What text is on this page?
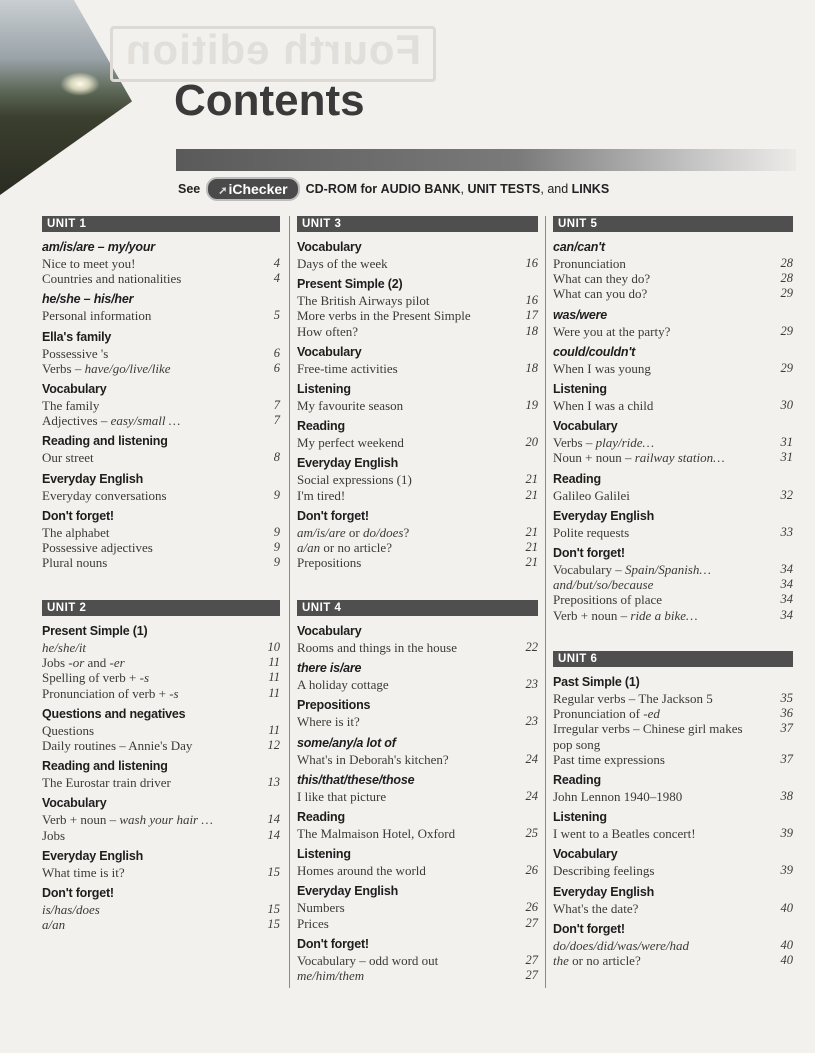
Fourth edition
Contents
See	➚iChecker	CD-ROM for AUDIO BANK, UNIT TESTS, and LINKS
UNIT 1
am/is/are – my/your
Nice to meet you!	4
Countries and nationalities	4
he/she – his/her
Personal information	5
Ella's family
Possessive 's	6
Verbs – have/go/live/like	6
Vocabulary
The family	7
Adjectives – easy/small …	7
Reading and listening
Our street	8
Everyday English
Everyday conversations	9
Don't forget!
The alphabet	9
Possessive adjectives	9
Plural nouns	9
UNIT 2
Present Simple (1)
he/she/it	10
Jobs -or and -er	11
Spelling of verb + -s	11
Pronunciation of verb + -s	11
Questions and negatives
Questions	11
Daily routines – Annie's Day	12
Reading and listening
The Eurostar train driver	13
Vocabulary
Verb + noun – wash your hair …	14
Jobs	14
Everyday English
What time is it?	15
Don't forget!
is/has/does	15
a/an	15
UNIT 3
Vocabulary
Days of the week	16
Present Simple (2)
The British Airways pilot	16
More verbs in the Present Simple	17
How often?	18
Vocabulary
Free-time activities	18
Listening
My favourite season	19
Reading
My perfect weekend	20
Everyday English
Social expressions (1)	21
I'm tired!	21
Don't forget!
am/is/are or do/does?	21
a/an or no article?	21
Prepositions	21
UNIT 4
Vocabulary
Rooms and things in the house	22
there is/are
A holiday cottage	23
Prepositions
Where is it?	23
some/any/a lot of
What's in Deborah's kitchen?	24
this/that/these/those
I like that picture	24
Reading
The Malmaison Hotel, Oxford	25
Listening
Homes around the world	26
Everyday English
Numbers	26
Prices	27
Don't forget!
Vocabulary – odd word out	27
me/him/them	27
UNIT 5
can/can't
Pronunciation	28
What can they do?	28
What can you do?	29
was/were
Were you at the party?	29
could/couldn't
When I was young	29
Listening
When I was a child	30
Vocabulary
Verbs – play/ride…	31
Noun + noun – railway station…	31
Reading
Galileo Galilei	32
Everyday English
Polite requests	33
Don't forget!
Vocabulary – Spain/Spanish…	34
and/but/so/because	34
Prepositions of place	34
Verb + noun – ride a bike…	34
UNIT 6
Past Simple (1)
Regular verbs – The Jackson 5	35
Pronunciation of -ed	36
Irregular verbs – Chinese girl makes	37
pop song
Past time expressions	37
Reading
John Lennon 1940–1980	38
Listening
I went to a Beatles concert!	39
Vocabulary
Describing feelings	39
Everyday English
What's the date?	40
Don't forget!
do/does/did/was/were/had	40
the or no article?	40
